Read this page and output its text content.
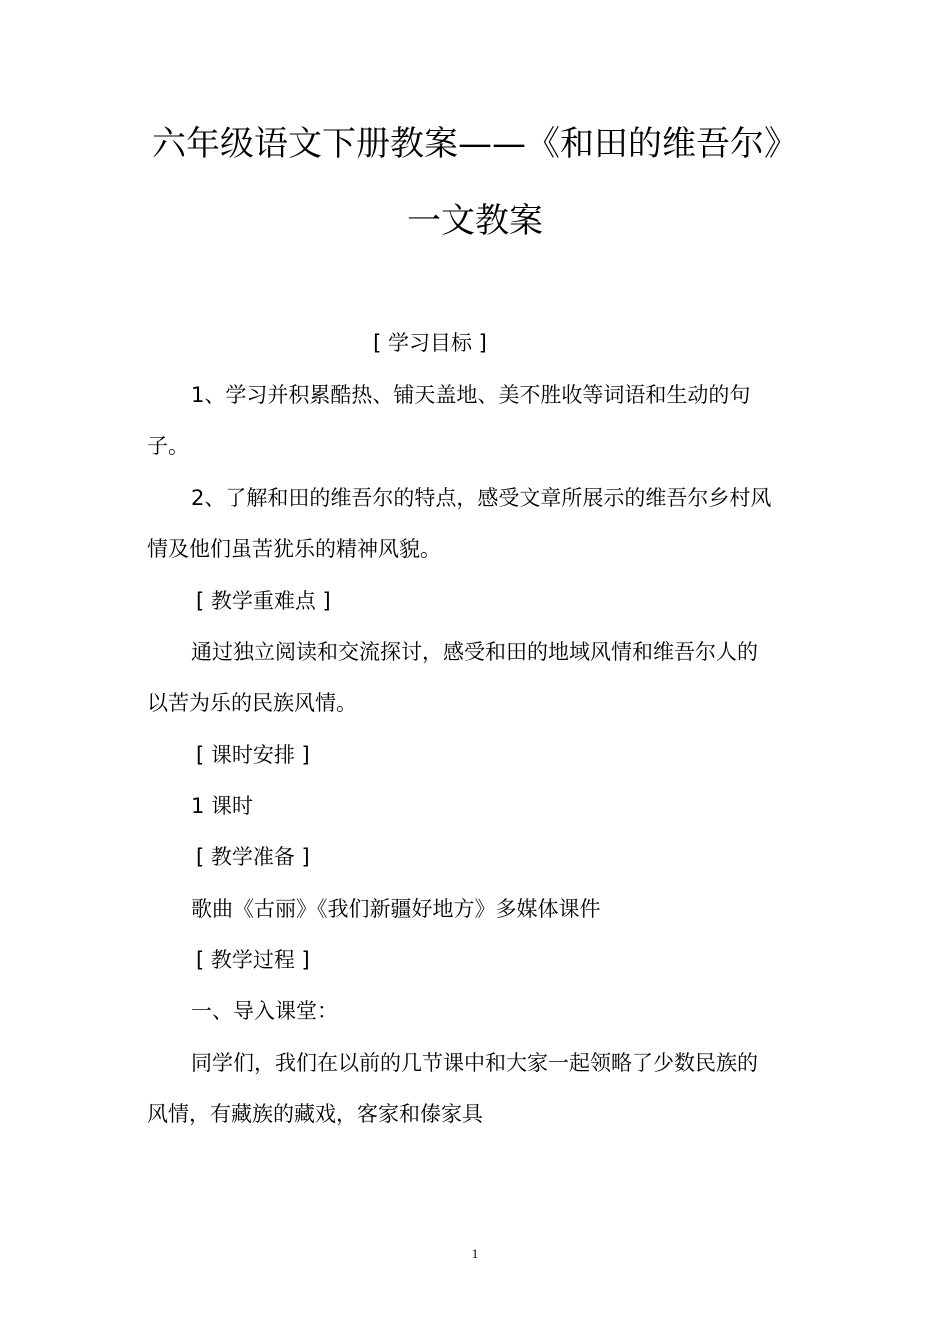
六年级语文下册教案——《和田的维吾尔》
一文教案
[ 学习目标 ]
1、学习并积累酷热、铺天盖地、美不胜收等词语和生动的句
子。
2、了解和田的维吾尔的特点，感受文章所展示的维吾尔乡村风
情及他们虽苦犹乐的精神风貌。
[ 教学重难点 ]
通过独立阅读和交流探讨，感受和田的地域风情和维吾尔人的
以苦为乐的民族风情。
[ 课时安排 ]
1 课时
[ 教学准备 ]
歌曲《古丽》《我们新疆好地方》多媒体课件
[ 教学过程 ]
一、导入课堂：
同学们，我们在以前的几节课中和大家一起领略了少数民族的
风情，有藏族的藏戏，客家和傣家具
1
